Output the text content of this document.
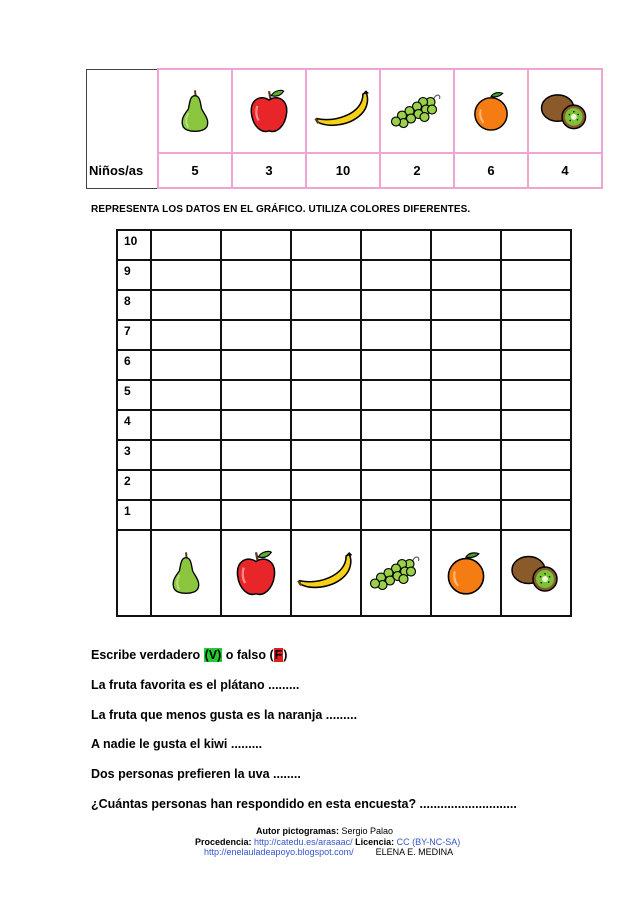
Niños/as	5	3	10	2	6	4
REPRESENTA LOS DATOS EN EL GRÁFICO. UTILIZA COLORES DIFERENTES.
10						
9						
8						
7						
6						
5						
4						
3						
2						
1						

Escribe verdadero (V) o falso (F)
La fruta favorita es el plátano .........
La fruta que menos gusta es la naranja .........
A nadie le gusta el kiwi .........
Dos personas prefieren la uva ........
¿Cuántas personas han respondido en esta encuesta? ............................
Autor pictogramas: Sergio Palao
Procedencia: http://catedu.es/arasaac/ Licencia: CC (BY-NC-SA)
http://enelauladeapoyo.blogspot.com/ ELENA E. MEDINA
